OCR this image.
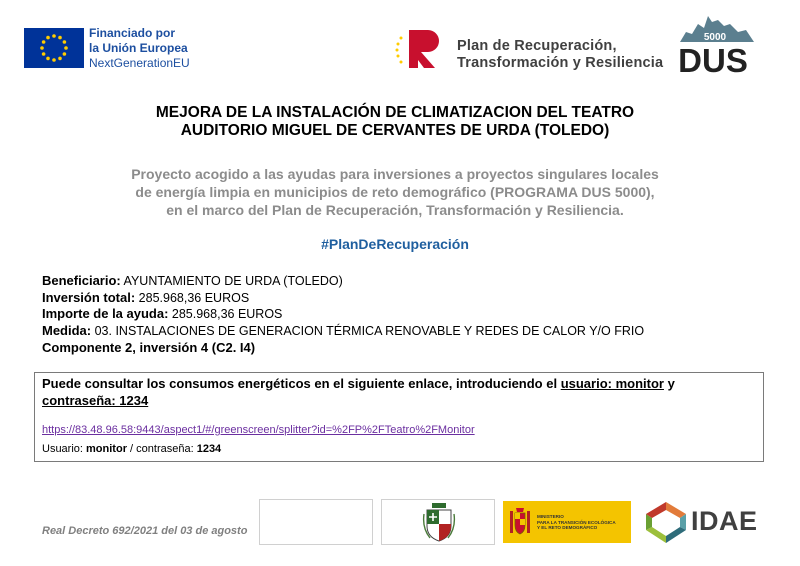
Financiado por
la Unión Europea
NextGenerationEU
Plan de Recuperación,
Transformación y Resiliencia
5000
DUS
MEJORA DE LA INSTALACIÓN DE CLIMATIZACION DEL TEATRO
AUDITORIO MIGUEL DE CERVANTES DE URDA (TOLEDO)
Proyecto acogido a las ayudas para inversiones a proyectos singulares locales
de energía limpia en municipios de reto demográfico (PROGRAMA DUS 5000),
en el marco del Plan de Recuperación, Transformación y Resiliencia.
#PlanDeRecuperación
Beneficiario: AYUNTAMIENTO DE URDA (TOLEDO)
Inversión total: 285.968,36 EUROS
Importe de la ayuda: 285.968,36 EUROS
Medida: 03. INSTALACIONES DE GENERACION TÉRMICA RENOVABLE Y REDES DE CALOR Y/O FRIO
Componente 2, inversión 4 (C2. I4)
Puede consultar los consumos energéticos en el siguiente enlace, introduciendo el usuario: monitor y contraseña: 1234
https://83.48.96.58:9443/aspect1/#/greenscreen/splitter?id=%2FP%2FTeatro%2FMonitor
Usuario: monitor / contraseña: 1234
Real Decreto 692/2021 del 03 de agosto
MINISTERIO
PARA LA TRANSICIÓN ECOLÓGICA
Y EL RETO DEMOGRÁFICO	IDAE
